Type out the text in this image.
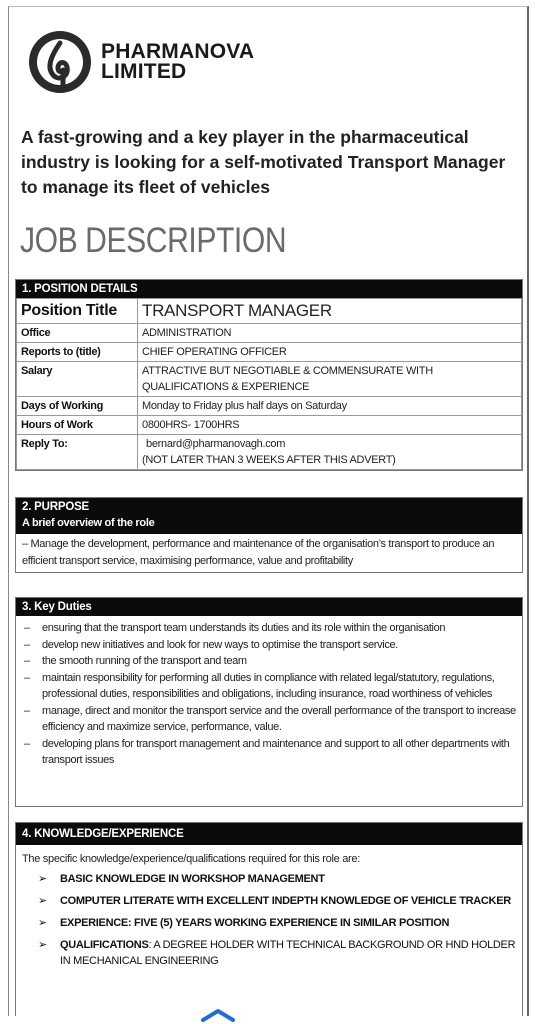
PHARMANOVA
LIMITED
A fast-growing and a key player in the pharmaceutical industry is looking for a self-motivated Transport Manager to manage its fleet of vehicles
JOB DESCRIPTION
1. POSITION DETAILS
Position Title	TRANSPORT MANAGER
Office	ADMINISTRATION
Reports to (title)	CHIEF OPERATING OFFICER
Salary	ATTRACTIVE BUT NEGOTIABLE & COMMENSURATE WITH QUALIFICATIONS & EXPERIENCE
Days of Working	Monday to Friday plus half days on Saturday
Hours of Work	0800HRS- 1700HRS
Reply To:	bernard@pharmanovagh.com
(NOT LATER THAN 3 WEEKS AFTER THIS ADVERT)
2. PURPOSE
A brief overview of the role
– Manage the development, performance and maintenance of the organisation’s transport to produce an efficient transport service, maximising performance, value and profitability
3. Key Duties
– ensuring that the transport team understands its duties and its role within the organisation
– develop new initiatives and look for new ways to optimise the transport service.
– the smooth running of the transport and team
– maintain responsibility for performing all duties in compliance with related legal/statutory, regulations, professional duties, responsibilities and obligations, including insurance, road worthiness of vehicles
– manage, direct and monitor the transport service and the overall performance of the transport to increase efficiency and maximize service, performance, value.
– developing plans for transport management and maintenance and support to all other departments with transport issues
4. KNOWLEDGE/EXPERIENCE
The specific knowledge/experience/qualifications required for this role are:
➢ BASIC KNOWLEDGE IN WORKSHOP MANAGEMENT
➢ COMPUTER LITERATE WITH EXCELLENT INDEPTH KNOWLEDGE OF VEHICLE TRACKER
➢ EXPERIENCE: FIVE (5) YEARS WORKING EXPERIENCE IN SIMILAR POSITION
➢ QUALIFICATIONS: A DEGREE HOLDER WITH TECHNICAL BACKGROUND OR HND HOLDER IN MECHANICAL ENGINEERING
